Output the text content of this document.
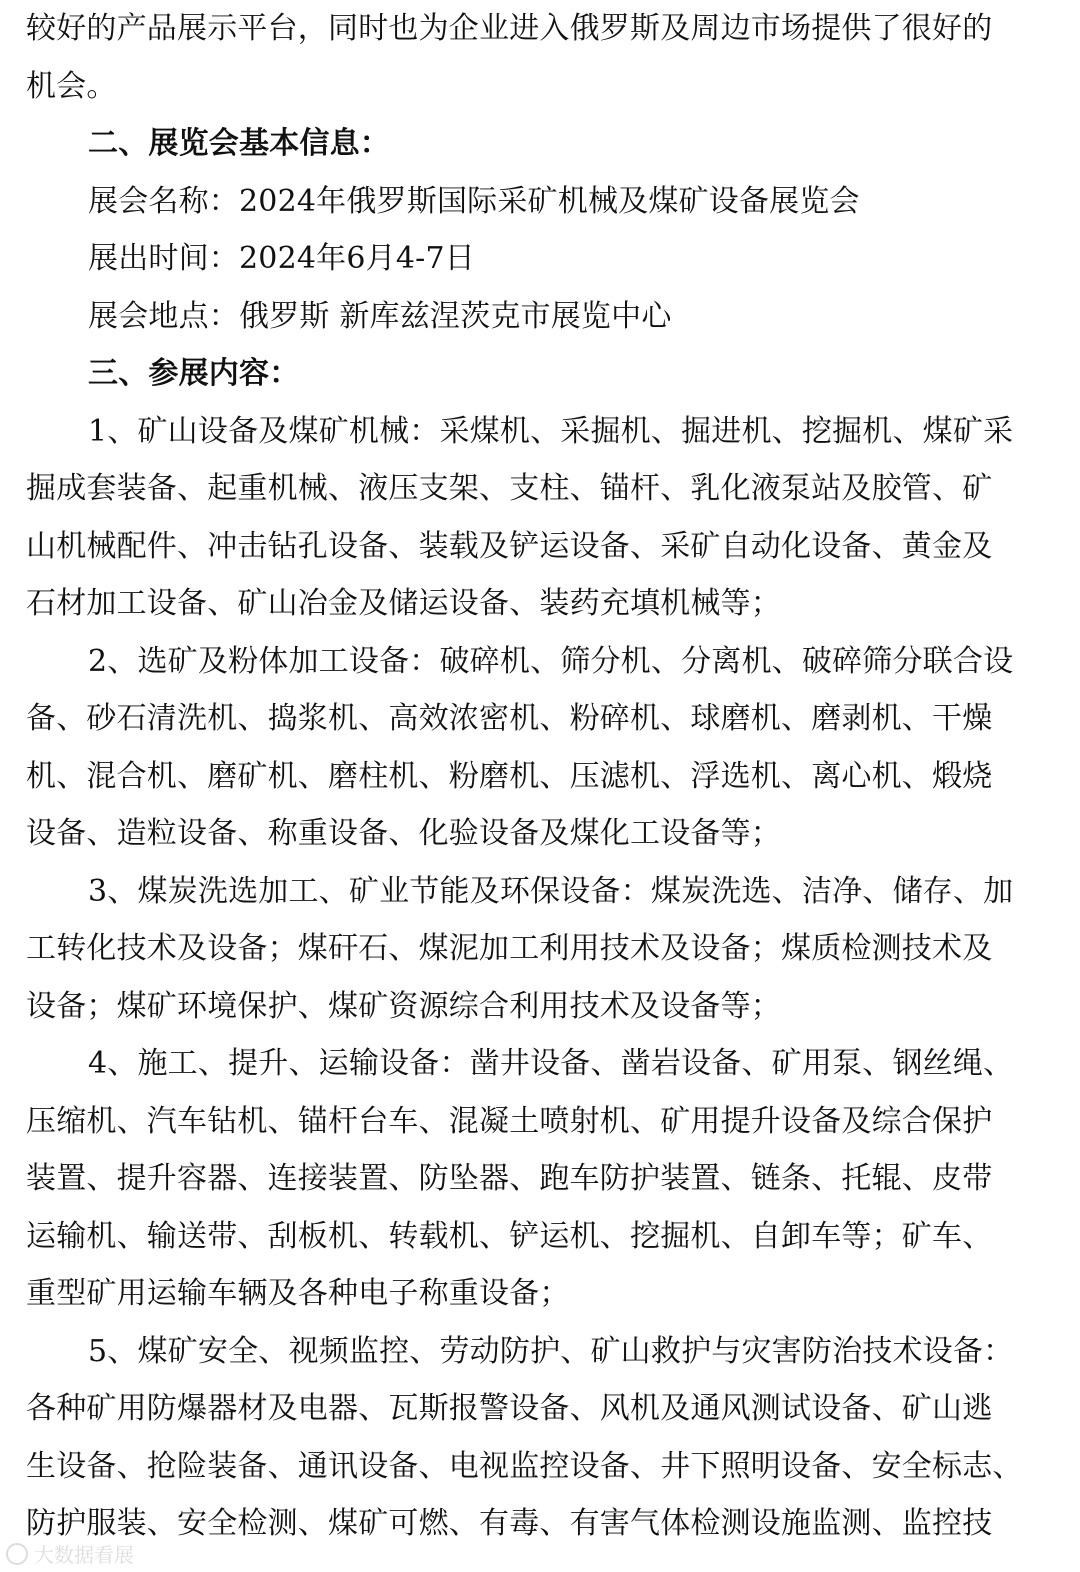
较好的产品展示平台，同时也为企业进入俄罗斯及周边市场提供了很好的
机会。
二、展览会基本信息：
展会名称：2024年俄罗斯国际采矿机械及煤矿设备展览会
展出时间：2024年6月4-7日
展会地点：俄罗斯 新库兹涅茨克市展览中心
三、参展内容：
1、矿山设备及煤矿机械：采煤机、采掘机、掘进机、挖掘机、煤矿采
掘成套装备、起重机械、液压支架、支柱、锚杆、乳化液泵站及胶管、矿
山机械配件、冲击钻孔设备、装载及铲运设备、采矿自动化设备、黄金及
石材加工设备、矿山冶金及储运设备、装药充填机械等；
2、选矿及粉体加工设备：破碎机、筛分机、分离机、破碎筛分联合设
备、砂石清洗机、捣浆机、高效浓密机、粉碎机、球磨机、磨剥机、干燥
机、混合机、磨矿机、磨柱机、粉磨机、压滤机、浮选机、离心机、煅烧
设备、造粒设备、称重设备、化验设备及煤化工设备等；
3、煤炭洗选加工、矿业节能及环保设备：煤炭洗选、洁净、储存、加
工转化技术及设备；煤矸石、煤泥加工利用技术及设备；煤质检测技术及
设备；煤矿环境保护、煤矿资源综合利用技术及设备等；
4、施工、提升、运输设备：凿井设备、凿岩设备、矿用泵、钢丝绳、
压缩机、汽车钻机、锚杆台车、混凝土喷射机、矿用提升设备及综合保护
装置、提升容器、连接装置、防坠器、跑车防护装置、链条、托辊、皮带
运输机、输送带、刮板机、转载机、铲运机、挖掘机、自卸车等；矿车、
重型矿用运输车辆及各种电子称重设备；
5、煤矿安全、视频监控、劳动防护、矿山救护与灾害防治技术设备：
各种矿用防爆器材及电器、瓦斯报警设备、风机及通风测试设备、矿山逃
生设备、抢险装备、通讯设备、电视监控设备、井下照明设备、安全标志、
防护服装、安全检测、煤矿可燃、有毒、有害气体检测设施监测、监控技
大数据看展
